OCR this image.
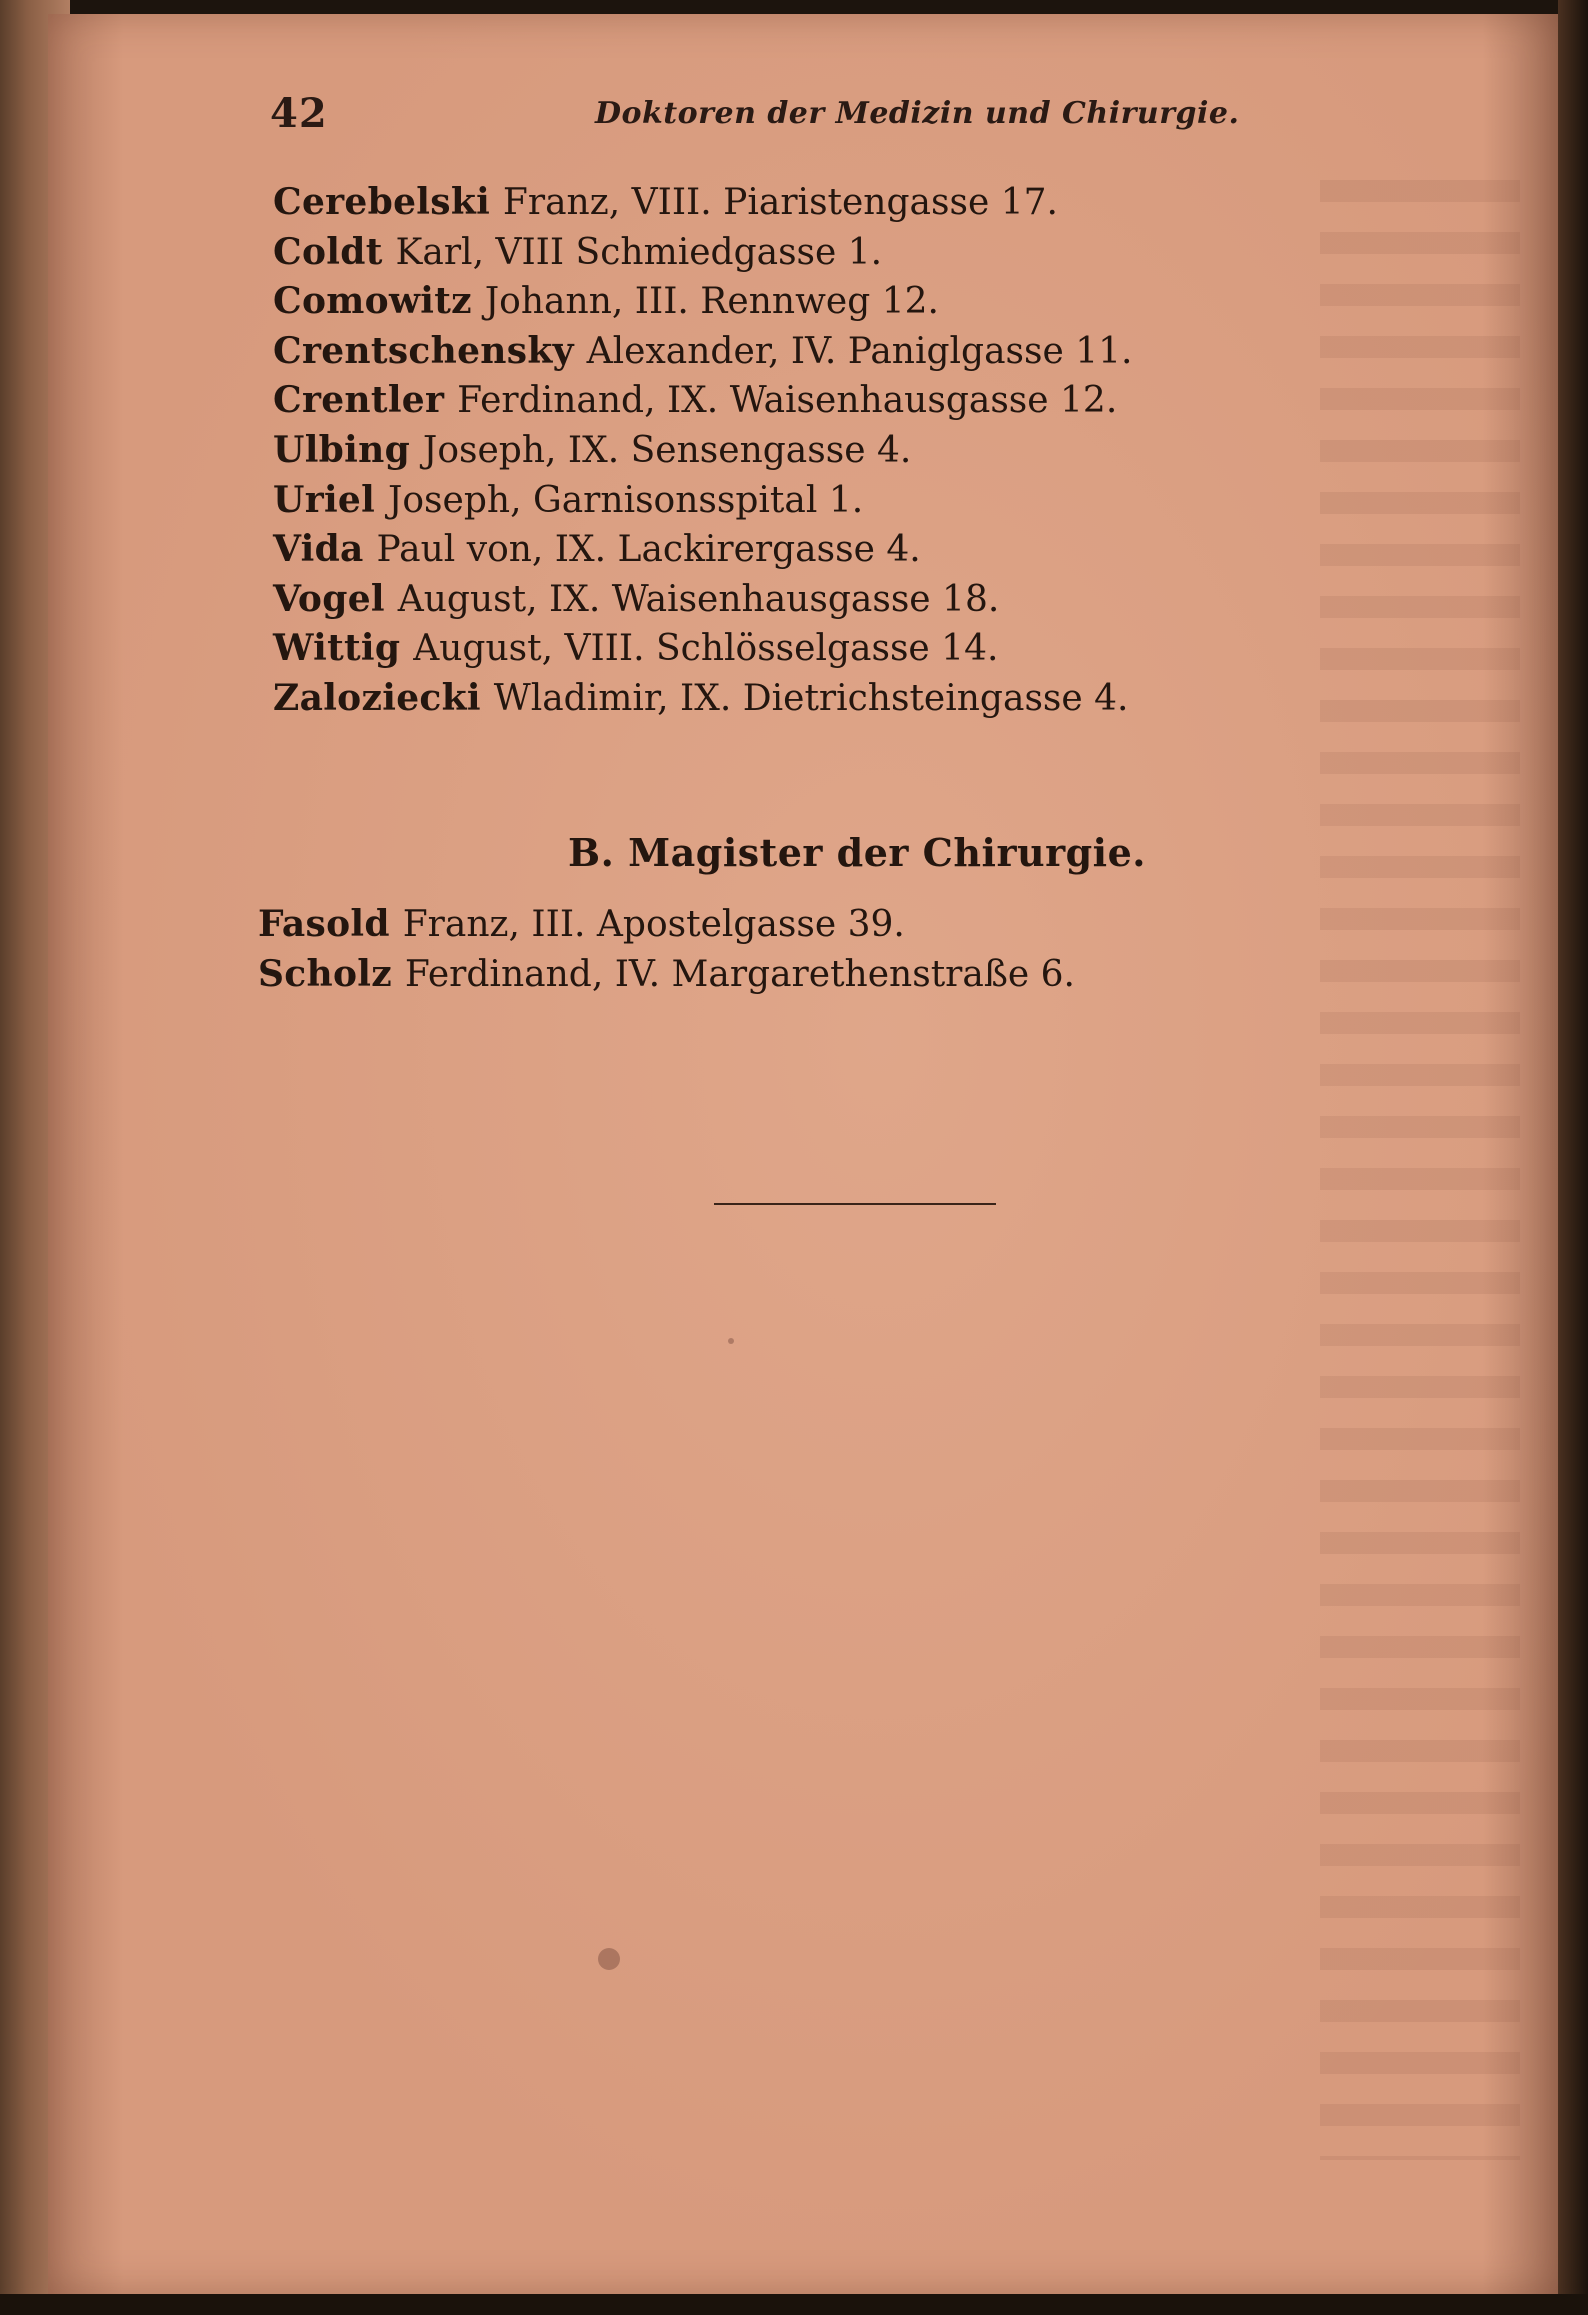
42	Doktoren der Medizin und Chirurgie.
Cerebelski Franz, VIII. Piaristengasse 17.
Coldt Karl, VIII Schmiedgasse 1.
Comowitz Johann, III. Rennweg 12.
Crentschensky Alexander, IV. Paniglgasse 11.
Crentler Ferdinand, IX. Waisenhausgasse 12.
Ulbing Joseph, IX. Sensengasse 4.
Uriel Joseph, Garnisonsspital 1.
Vida Paul von, IX. Lackirergasse 4.
Vogel August, IX. Waisenhausgasse 18.
Wittig August, VIII. Schlösselgasse 14.
Zaloziecki Wladimir, IX. Dietrichsteingasse 4.
B. Magister der Chirurgie.
Fasold Franz, III. Apostelgasse 39.
Scholz Ferdinand, IV. Margarethenstraße 6.
